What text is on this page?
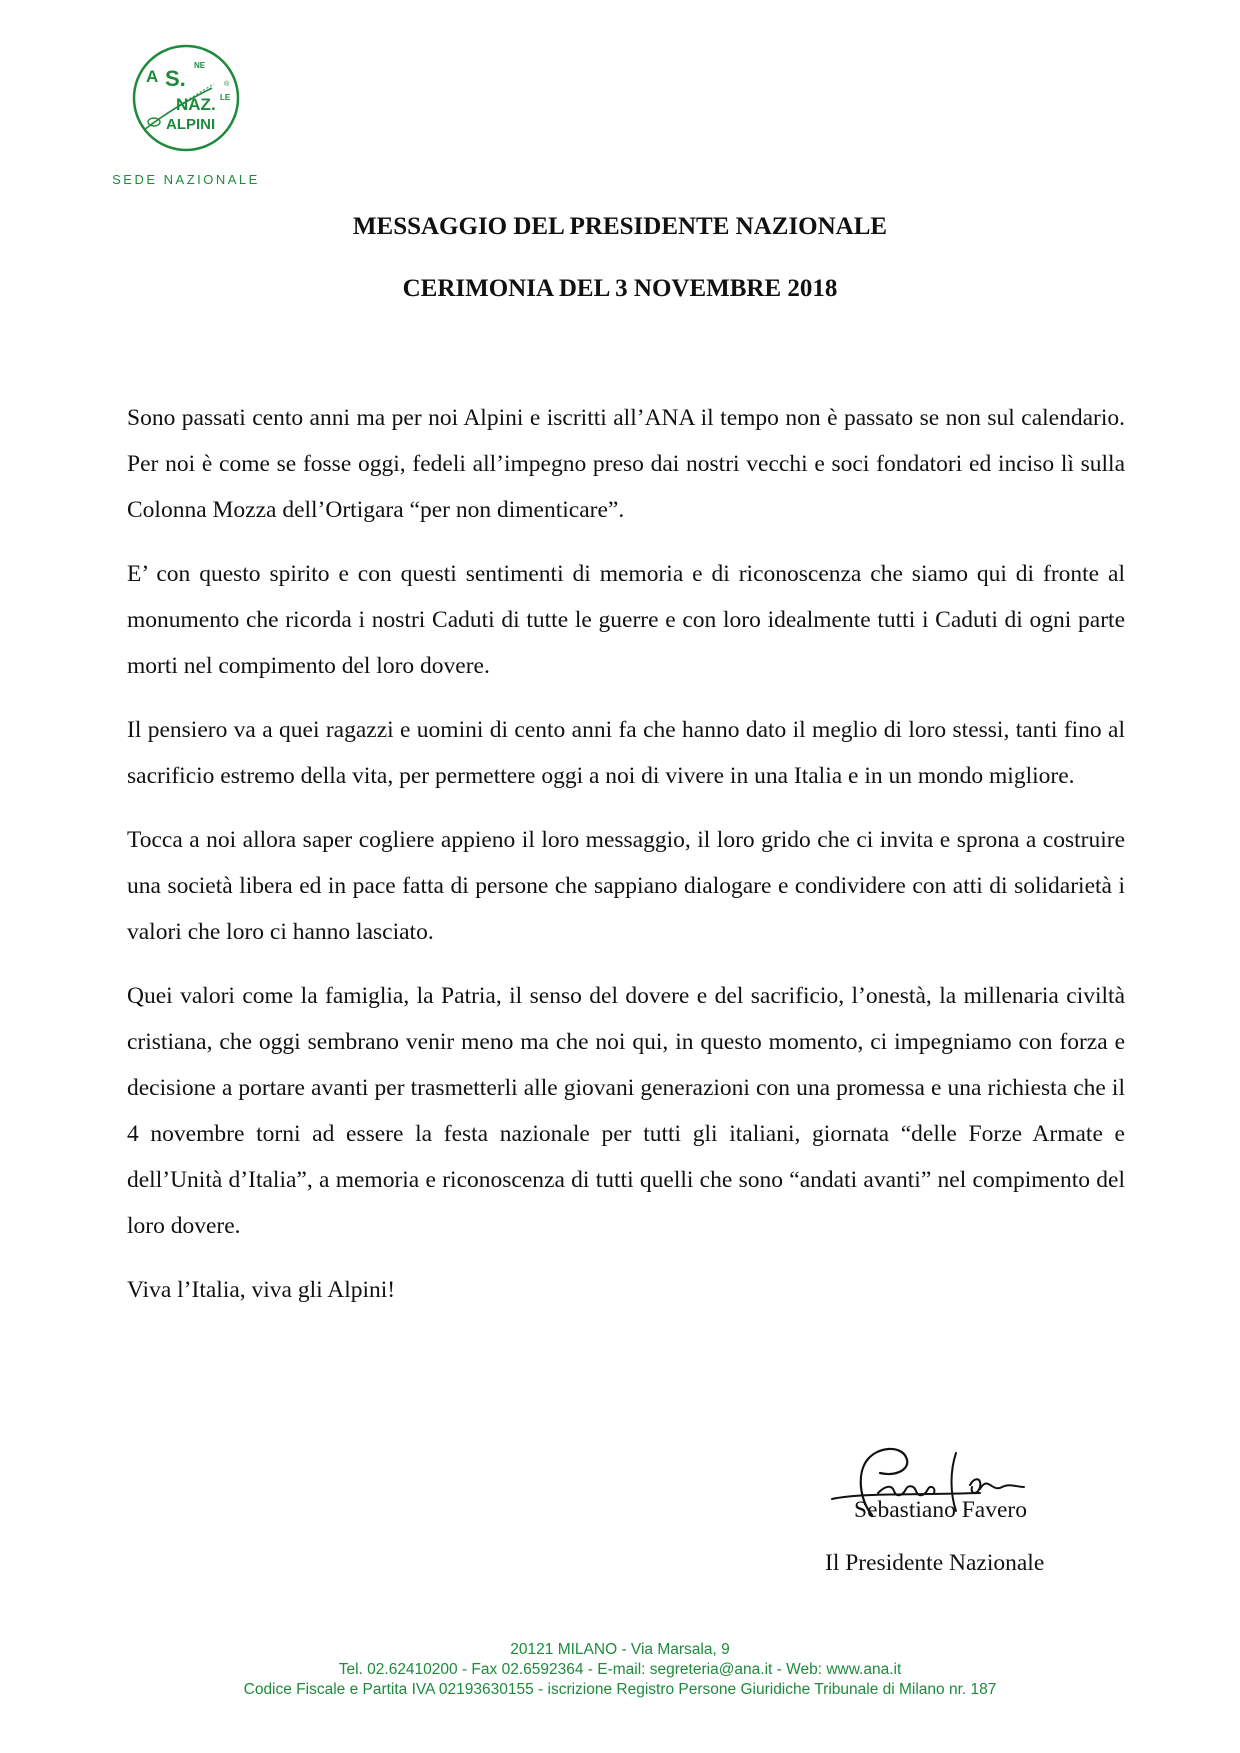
A S.
NE
NAZ. LE
ALPINI
®
SEDE NAZIONALE
MESSAGGIO DEL PRESIDENTE NAZIONALE
CERIMONIA DEL 3 NOVEMBRE 2018

Sono passati cento anni ma per noi Alpini e iscritti all’ANA il tempo non è passato se non sul calendario. Per noi è come se fosse oggi, fedeli all’impegno preso dai nostri vecchi e soci fondatori ed inciso lì sulla Colonna Mozza dell’Ortigara “per non dimenticare”.

E’ con questo spirito e con questi sentimenti di memoria e di riconoscenza che siamo qui di fronte al monumento che ricorda i nostri Caduti di tutte le guerre e con loro idealmente tutti i Caduti di ogni parte morti nel compimento del loro dovere.

Il pensiero va a quei ragazzi e uomini di cento anni fa che hanno dato il meglio di loro stessi, tanti fino al sacrificio estremo della vita, per permettere oggi a noi di vivere in una Italia e in un mondo migliore.

Tocca a noi allora saper cogliere appieno il loro messaggio, il loro grido che ci invita e sprona a costruire una società libera ed in pace fatta di persone che sappiano dialogare e condividere con atti di solidarietà i valori che loro ci hanno lasciato.

Quei valori come la famiglia, la Patria, il senso del dovere e del sacrificio, l’onestà, la millenaria civiltà cristiana, che oggi sembrano venir meno ma che noi qui, in questo momento, ci impegniamo con forza e decisione a portare avanti per trasmetterli alle giovani generazioni con una promessa e una richiesta che il 4 novembre torni ad essere la festa nazionale per tutti gli italiani, giornata “delle Forze Armate e dell’Unità d’Italia”, a memoria e riconoscenza di tutti quelli che sono “andati avanti” nel compimento del loro dovere.

Viva l’Italia, viva gli Alpini!

Sebastiano Favero
Il Presidente Nazionale
20121 MILANO - Via Marsala, 9
Tel. 02.62410200 - Fax 02.6592364 - E-mail: segreteria@ana.it - Web: www.ana.it
Codice Fiscale e Partita IVA 02193630155 - iscrizione Registro Persone Giuridiche Tribunale di Milano nr. 187
